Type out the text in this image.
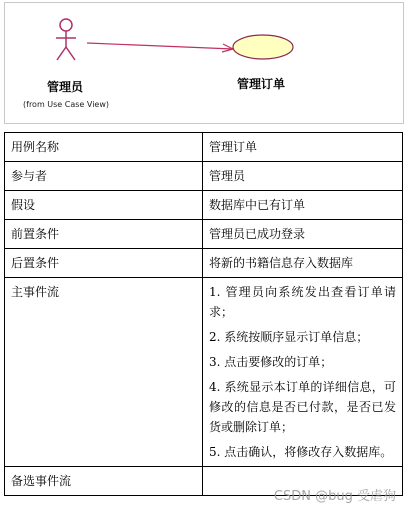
管理员
(from Use Case View)
管理订单
用例名称	管理订单
参与者	管理员
假设	数据库中已有订单
前置条件	管理员已成功登录
后置条件	将新的书籍信息存入数据库
主事件流	1. 管理员向系统发出查看订单请求；

2. 系统按顺序显示订单信息；

3. 点击要修改的订单；

4. 系统显示本订单的详细信息，可修改的信息是否已付款，是否已发货或删除订单；

5. 点击确认，将修改存入数据库。

备选事件流	
CSDN @bug 受虐狗
